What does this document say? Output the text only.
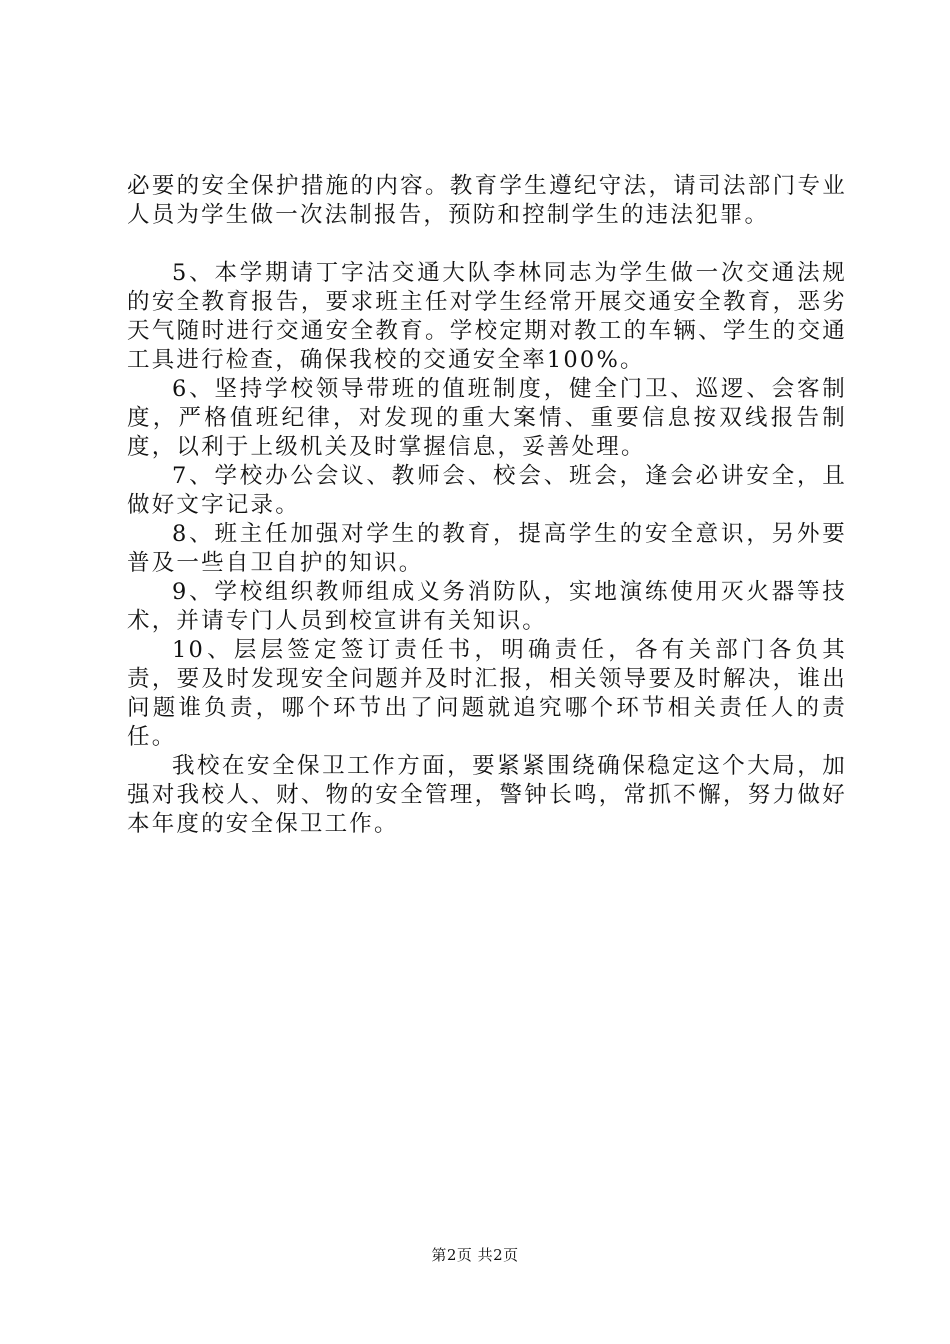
必要的安全保护措施的内容。教育学生遵纪守法，请司法部门专业人员为学生做一次法制报告，预防和控制学生的违法犯罪。

5、本学期请丁字沽交通大队李林同志为学生做一次交通法规的安全教育报告，要求班主任对学生经常开展交通安全教育，恶劣天气随时进行交通安全教育。学校定期对教工的车辆、学生的交通工具进行检查，确保我校的交通安全率100%。

6、坚持学校领导带班的值班制度，健全门卫、巡逻、会客制度，严格值班纪律，对发现的重大案情、重要信息按双线报告制度，以利于上级机关及时掌握信息，妥善处理。

7、学校办公会议、教师会、校会、班会，逢会必讲安全，且做好文字记录。

8、班主任加强对学生的教育，提高学生的安全意识，另外要普及一些自卫自护的知识。

9、学校组织教师组成义务消防队，实地演练使用灭火器等技术，并请专门人员到校宣讲有关知识。

10、层层签定签订责任书，明确责任，各有关部门各负其责，要及时发现安全问题并及时汇报，相关领导要及时解决，谁出问题谁负责，哪个环节出了问题就追究哪个环节相关责任人的责任。

我校在安全保卫工作方面，要紧紧围绕确保稳定这个大局，加强对我校人、财、物的安全管理，警钟长鸣，常抓不懈，努力做好本年度的安全保卫工作。

第2页 共2页
